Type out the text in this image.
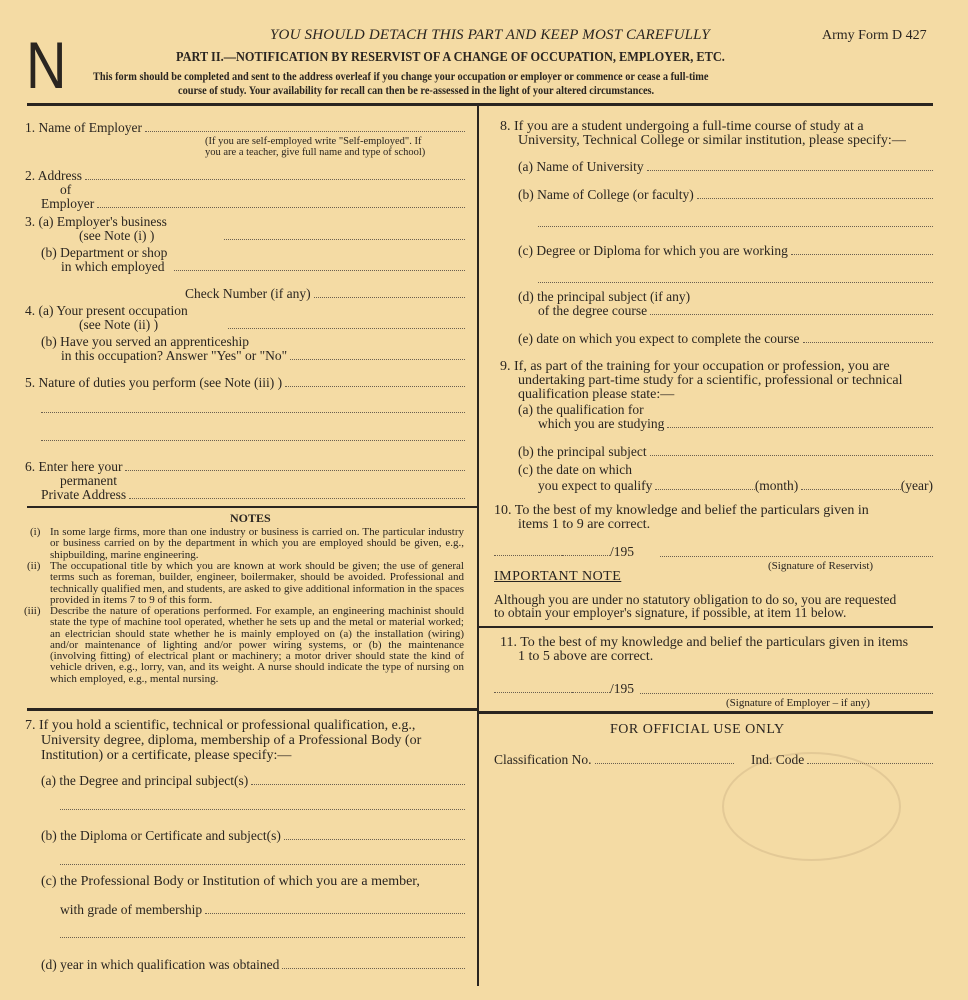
YOU SHOULD DETACH THIS PART AND KEEP MOST CAREFULLY	Army Form D 427
N	PART II.—NOTIFICATION BY RESERVIST OF A CHANGE OF OCCUPATION, EMPLOYER, ETC.
This form should be completed and sent to the address overleaf if you change your occupation or employer or commence or cease a full-time
course of study. Your availability for recall can then be re-assessed in the light of your altered circumstances.
1. Name of Employer
(If you are self-employed write "Self-employed". If
you are a teacher, give full name and type of school)
2. Address
of
Employer
3. (a) Employer's business
(see Note (i) )
(b) Department or shop
in which employed
Check Number (if any)
4. (a) Your present occupation
(see Note (ii) )
(b) Have you served an apprenticeship
in this occupation? Answer "Yes" or "No"
5. Nature of duties you perform (see Note (iii) )
6. Enter here your
permanent
Private Address
NOTES
(i) In some large firms, more than one industry or business is carried on. The particular industry or business carried on by the department in which you are employed should be given, e.g., shipbuilding, marine engineering.
(ii) The occupational title by which you are known at work should be given; the use of general terms such as foreman, builder, engineer, boilermaker, should be avoided. Professional and technically qualified men, and students, are asked to give additional information in the spaces provided in items 7 to 9 of this form.
(iii) Describe the nature of operations performed. For example, an engineering machinist should state the type of machine tool operated, whether he sets up and the metal or material worked; an electrician should state whether he is mainly employed on (a) the installation (wiring) and/or maintenance of lighting and/or power wiring systems, or (b) the maintenance (involving fitting) of electrical plant or machinery; a motor driver should state the kind of vehicle driven, e.g., lorry, van, and its weight. A nurse should indicate the type of nursing on which employed, e.g., mental nursing.
7. If you hold a scientific, technical or professional qualification, e.g.,
University degree, diploma, membership of a Professional Body (or
Institution) or a certificate, please specify:—
(a) the Degree and principal subject(s)
(b) the Diploma or Certificate and subject(s)
(c) the Professional Body or Institution of which you are a member,
with grade of membership
(d) year in which qualification was obtained
8. If you are a student undergoing a full-time course of study at a
University, Technical College or similar institution, please specify:—
(a) Name of University
(b) Name of College (or faculty)
(c) Degree or Diploma for which you are working
(d) the principal subject (if any)
of the degree course
(e) date on which you expect to complete the course
9. If, as part of the training for your occupation or profession, you are
undertaking part-time study for a scientific, professional or technical
qualification please state:—
(a) the qualification for
which you are studying
(b) the principal subject
(c) the date on which
you expect to qualify	(month)	(year)
10. To the best of my knowledge and belief the particulars given in
items 1 to 9 are correct.
/195
(Signature of Reservist)
IMPORTANT NOTE
Although you are under no statutory obligation to do so, you are requested
to obtain your employer's signature, if possible, at item 11 below.
11. To the best of my knowledge and belief the particulars given in items
1 to 5 above are correct.
/195
(Signature of Employer – if any)
FOR OFFICIAL USE ONLY
Classification No.	Ind. Code
